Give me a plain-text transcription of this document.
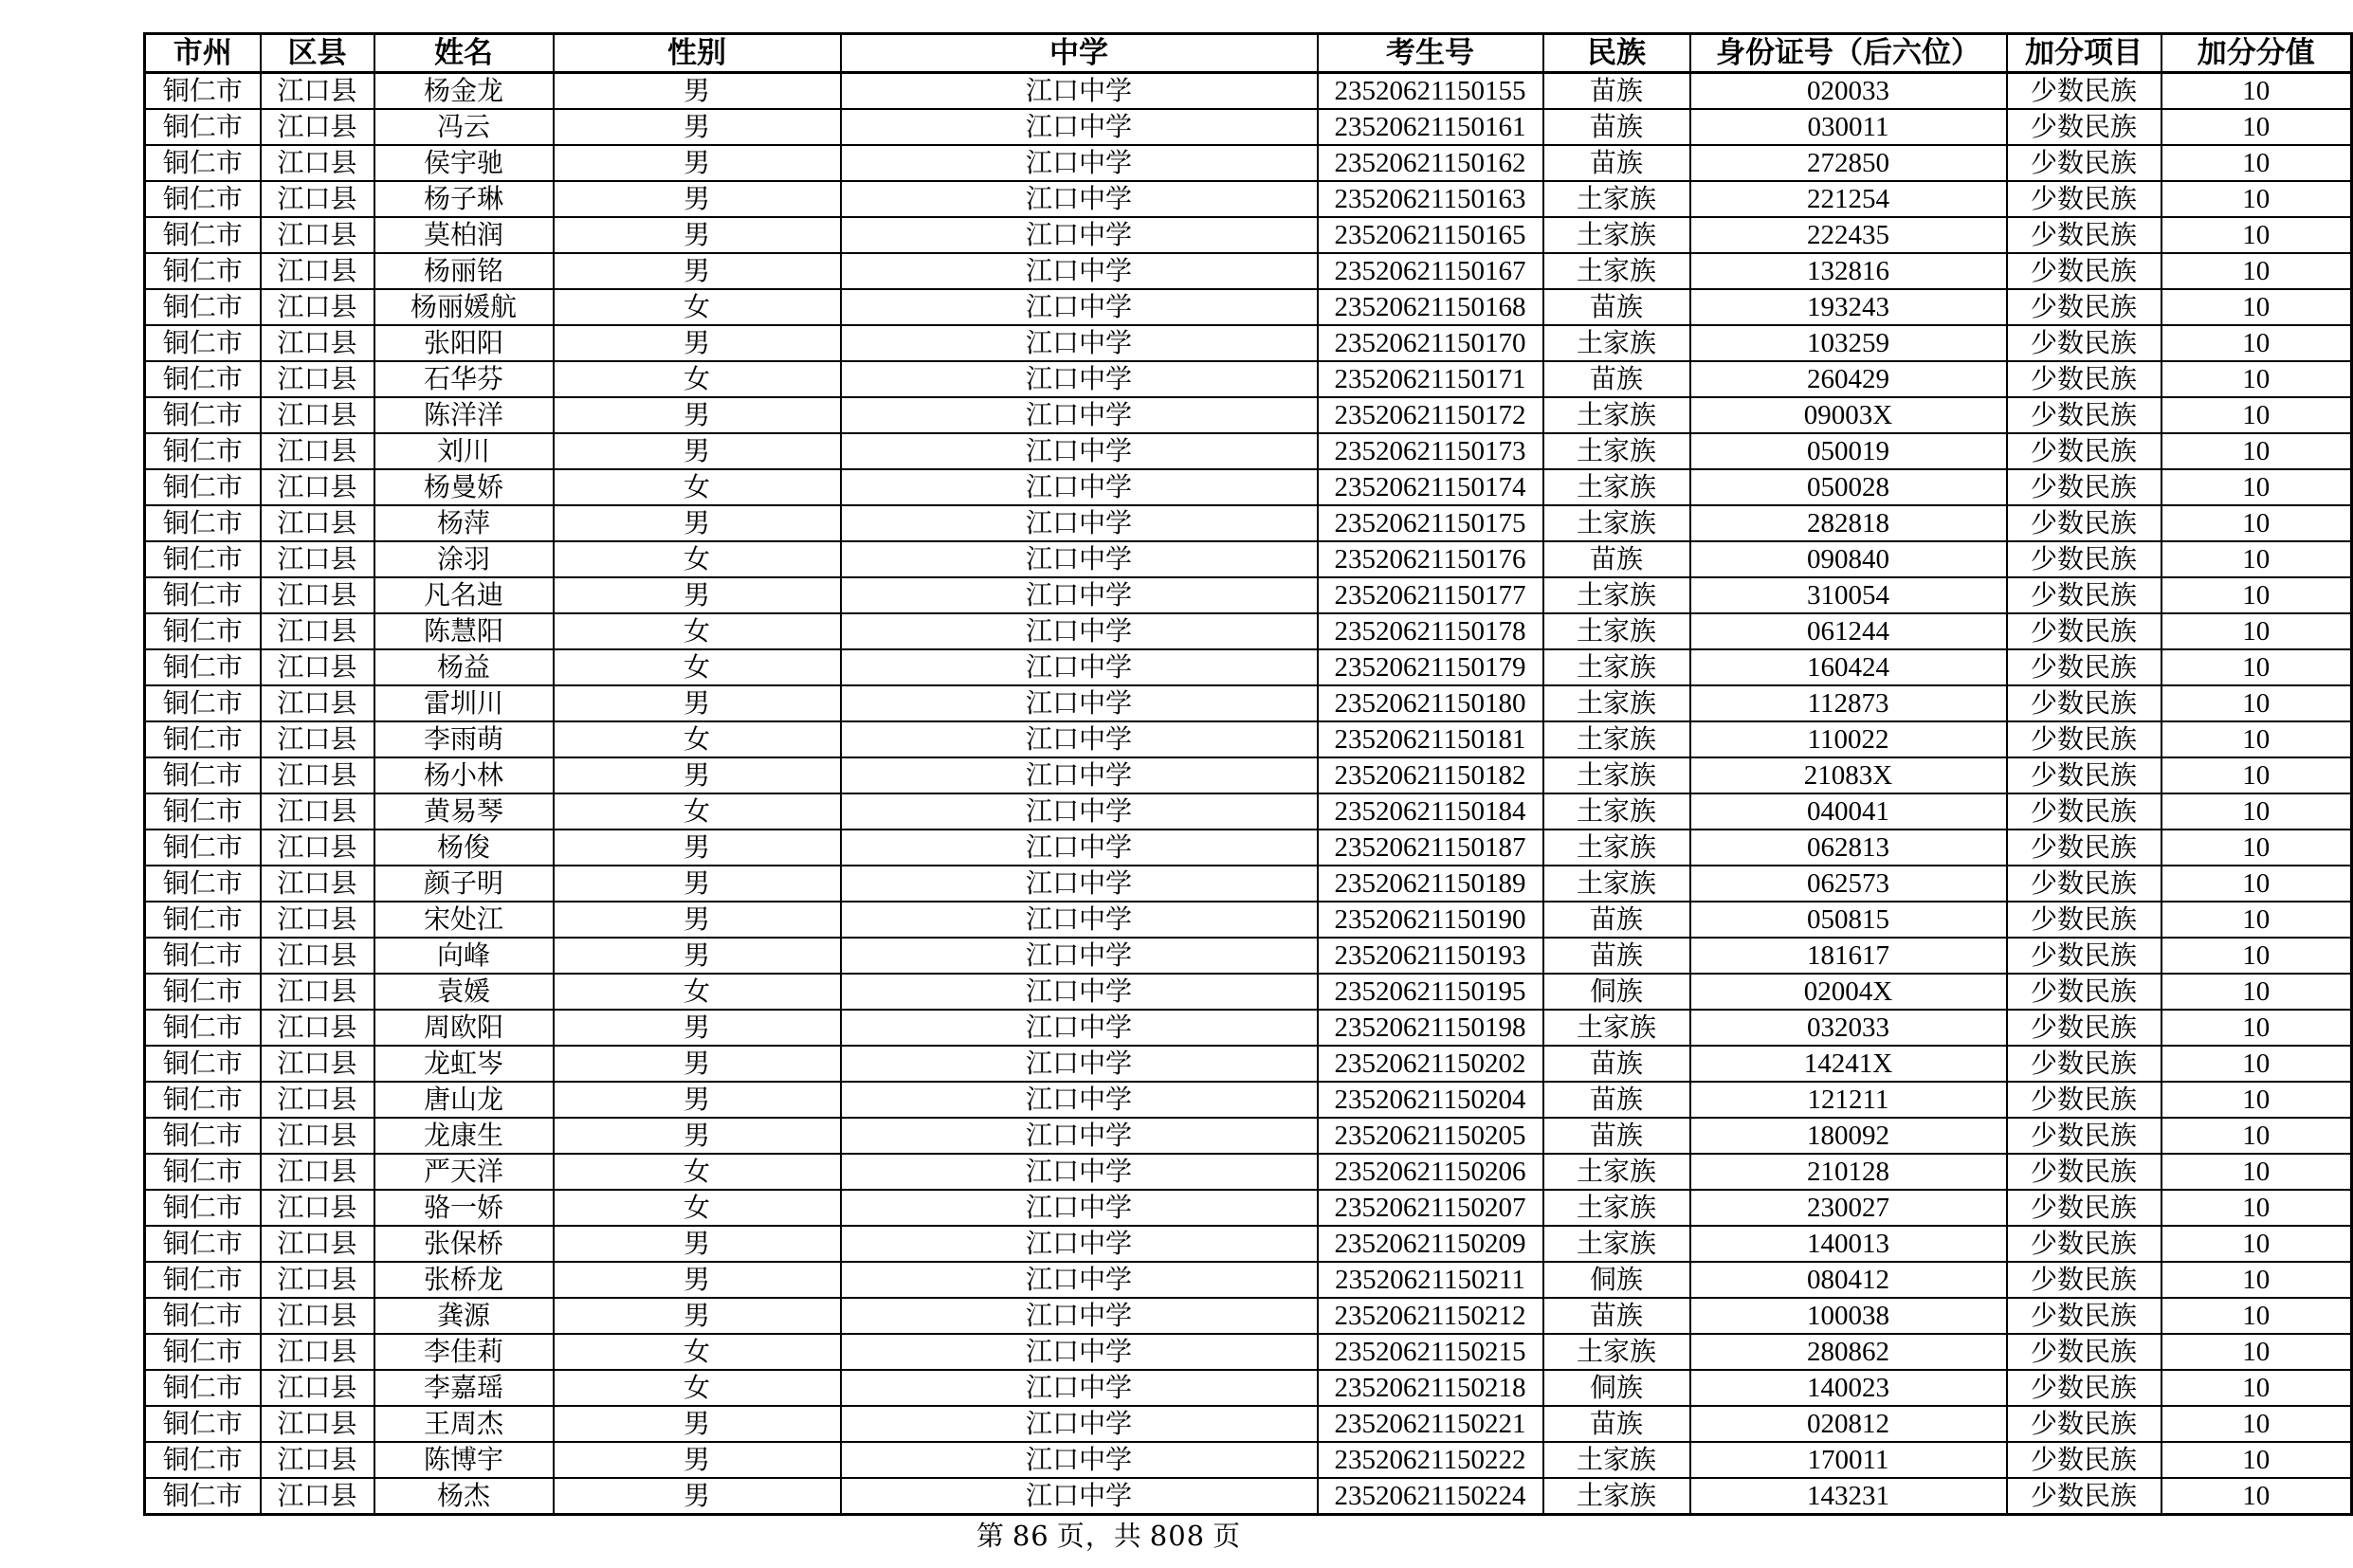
市州	区县	姓名	性别	中学	考生号	民族	身份证号（后六位）	加分项目	加分分值
铜仁市	江口县	杨金龙	男	江口中学	23520621150155	苗族	020033	少数民族	10
铜仁市	江口县	冯云	男	江口中学	23520621150161	苗族	030011	少数民族	10
铜仁市	江口县	侯宇驰	男	江口中学	23520621150162	苗族	272850	少数民族	10
铜仁市	江口县	杨子琳	男	江口中学	23520621150163	土家族	221254	少数民族	10
铜仁市	江口县	莫柏润	男	江口中学	23520621150165	土家族	222435	少数民族	10
铜仁市	江口县	杨丽铭	男	江口中学	23520621150167	土家族	132816	少数民族	10
铜仁市	江口县	杨丽媛航	女	江口中学	23520621150168	苗族	193243	少数民族	10
铜仁市	江口县	张阳阳	男	江口中学	23520621150170	土家族	103259	少数民族	10
铜仁市	江口县	石华芬	女	江口中学	23520621150171	苗族	260429	少数民族	10
铜仁市	江口县	陈洋洋	男	江口中学	23520621150172	土家族	09003X	少数民族	10
铜仁市	江口县	刘川	男	江口中学	23520621150173	土家族	050019	少数民族	10
铜仁市	江口县	杨曼娇	女	江口中学	23520621150174	土家族	050028	少数民族	10
铜仁市	江口县	杨萍	男	江口中学	23520621150175	土家族	282818	少数民族	10
铜仁市	江口县	涂羽	女	江口中学	23520621150176	苗族	090840	少数民族	10
铜仁市	江口县	凡名迪	男	江口中学	23520621150177	土家族	310054	少数民族	10
铜仁市	江口县	陈慧阳	女	江口中学	23520621150178	土家族	061244	少数民族	10
铜仁市	江口县	杨益	女	江口中学	23520621150179	土家族	160424	少数民族	10
铜仁市	江口县	雷圳川	男	江口中学	23520621150180	土家族	112873	少数民族	10
铜仁市	江口县	李雨萌	女	江口中学	23520621150181	土家族	110022	少数民族	10
铜仁市	江口县	杨小林	男	江口中学	23520621150182	土家族	21083X	少数民族	10
铜仁市	江口县	黄易琴	女	江口中学	23520621150184	土家族	040041	少数民族	10
铜仁市	江口县	杨俊	男	江口中学	23520621150187	土家族	062813	少数民族	10
铜仁市	江口县	颜子明	男	江口中学	23520621150189	土家族	062573	少数民族	10
铜仁市	江口县	宋处江	男	江口中学	23520621150190	苗族	050815	少数民族	10
铜仁市	江口县	向峰	男	江口中学	23520621150193	苗族	181617	少数民族	10
铜仁市	江口县	袁媛	女	江口中学	23520621150195	侗族	02004X	少数民族	10
铜仁市	江口县	周欧阳	男	江口中学	23520621150198	土家族	032033	少数民族	10
铜仁市	江口县	龙虹岑	男	江口中学	23520621150202	苗族	14241X	少数民族	10
铜仁市	江口县	唐山龙	男	江口中学	23520621150204	苗族	121211	少数民族	10
铜仁市	江口县	龙康生	男	江口中学	23520621150205	苗族	180092	少数民族	10
铜仁市	江口县	严天洋	女	江口中学	23520621150206	土家族	210128	少数民族	10
铜仁市	江口县	骆一娇	女	江口中学	23520621150207	土家族	230027	少数民族	10
铜仁市	江口县	张保桥	男	江口中学	23520621150209	土家族	140013	少数民族	10
铜仁市	江口县	张桥龙	男	江口中学	23520621150211	侗族	080412	少数民族	10
铜仁市	江口县	龚源	男	江口中学	23520621150212	苗族	100038	少数民族	10
铜仁市	江口县	李佳莉	女	江口中学	23520621150215	土家族	280862	少数民族	10
铜仁市	江口县	李嘉瑶	女	江口中学	23520621150218	侗族	140023	少数民族	10
铜仁市	江口县	王周杰	男	江口中学	23520621150221	苗族	020812	少数民族	10
铜仁市	江口县	陈博宇	男	江口中学	23520621150222	土家族	170011	少数民族	10
铜仁市	江口县	杨杰	男	江口中学	23520621150224	土家族	143231	少数民族	10
第 86 页，共 808 页
